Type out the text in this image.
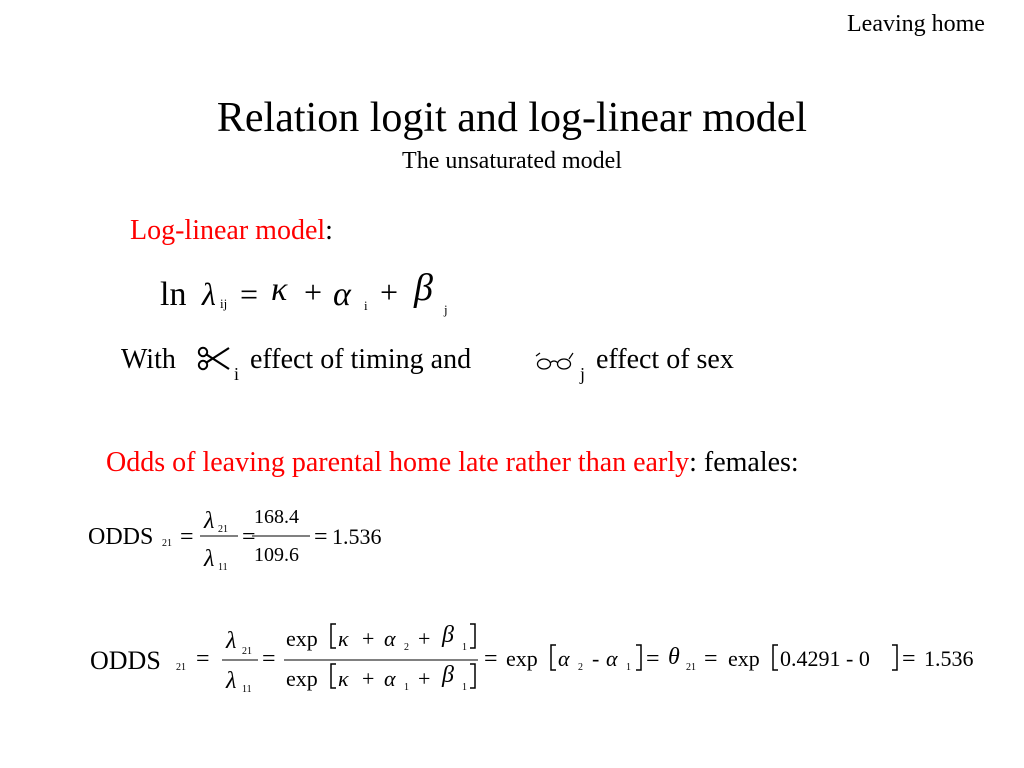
Leaving home
Relation logit and log-linear model
The unsaturated model
Log-linear model:
ln λ ij = κ + α i + β
j
With	i effect of timing and	j effect of sex
Odds of leaving parental home late rather than early: females:
ODDS 21 =
λ 21
λ 11
=
168.4
109.6
= 1.536
ODDS 21 =
λ 21
λ 11
=
exp κ + α 2 + β 1
exp κ + α 1 + β 1
= exp α 2 - α 1 = θ 21 = exp 0.4291 - 0 = 1.536
